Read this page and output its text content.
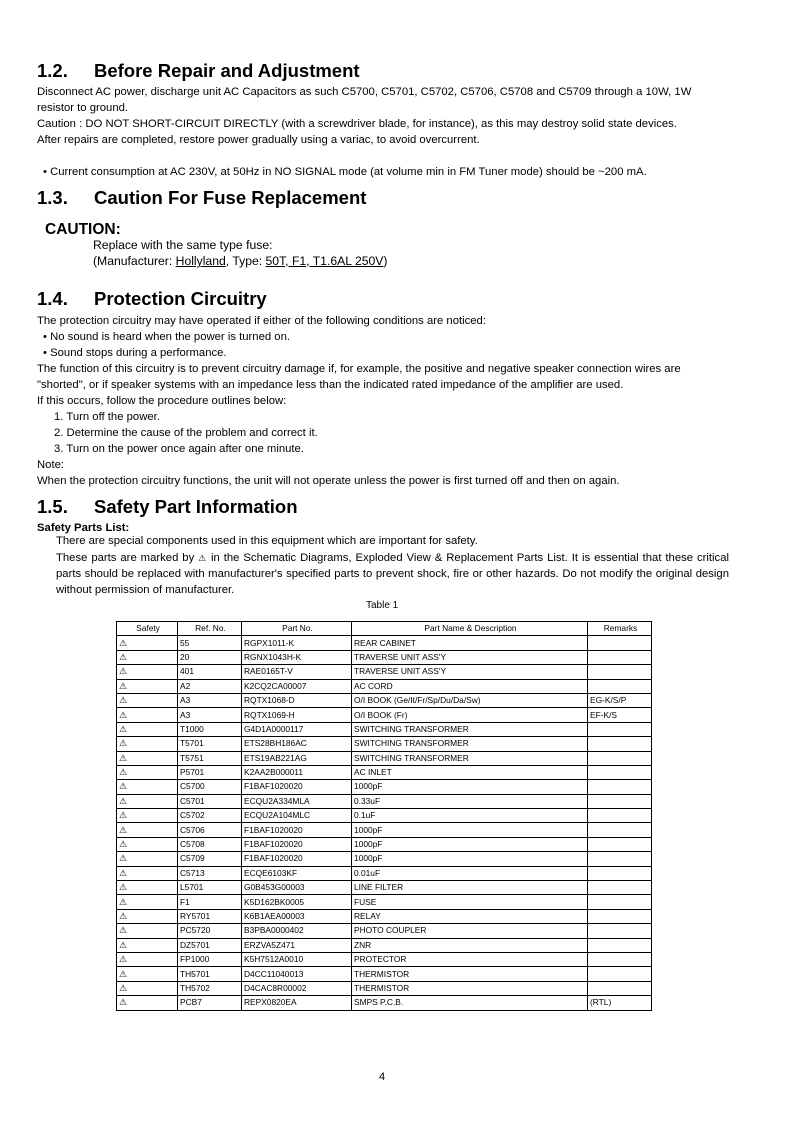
1.2. Before Repair and Adjustment
Disconnect AC power, discharge unit AC Capacitors as such C5700, C5701, C5702, C5706, C5708 and C5709 through a 10W, 1W
resistor to ground.
Caution : DO NOT SHORT-CIRCUIT DIRECTLY (with a screwdriver blade, for instance), as this may destroy solid state devices.
After repairs are completed, restore power gradually using a variac, to avoid overcurrent.
• Current consumption at AC 230V, at 50Hz in NO SIGNAL mode (at volume min in FM Tuner mode) should be ~200 mA.
1.3. Caution For Fuse Replacement
CAUTION:
Replace with the same type fuse:
(Manufacturer: Hollyland, Type: 50T, F1, T1.6AL 250V)
1.4. Protection Circuitry
The protection circuitry may have operated if either of the following conditions are noticed:
• No sound is heard when the power is turned on.
• Sound stops during a performance.
The function of this circuitry is to prevent circuitry damage if, for example, the positive and negative speaker connection wires are
"shorted", or if speaker systems with an impedance less than the indicated rated impedance of the amplifier are used.
If this occurs, follow the procedure outlines below:
1. Turn off the power.
2. Determine the cause of the problem and correct it.
3. Turn on the power once again after one minute.
Note:
When the protection circuitry functions, the unit will not operate unless the power is first turned off and then on again.
1.5. Safety Part Information
Safety Parts List:
There are special components used in this equipment which are important for safety.
These parts are marked by ⚠ in the Schematic Diagrams, Exploded View & Replacement Parts List. It is essential that these critical parts should be replaced with manufacturer's specified parts to prevent shock, fire or other hazards. Do not modify the original design without permission of manufacturer.
Table 1
Safety	Ref. No.	Part No.	Part Name & Description	Remarks
⚠	55	RGPX1011-K	REAR CABINET	
⚠	20	RGNX1043H-K	TRAVERSE UNIT ASS'Y	
⚠	401	RAE0165T-V	TRAVERSE UNIT ASS'Y	
⚠	A2	K2CQ2CA00007	AC CORD	
⚠	A3	RQTX1068-D	O/I BOOK (Ge/It/Fr/Sp/Du/Da/Sw)	EG-K/S/P
⚠	A3	RQTX1069-H	O/I BOOK (Fr)	EF-K/S
⚠	T1000	G4D1A0000117	SWITCHING TRANSFORMER	
⚠	T5701	ETS28BH186AC	SWITCHING TRANSFORMER	
⚠	T5751	ETS19AB221AG	SWITCHING TRANSFORMER	
⚠	P5701	K2AA2B000011	AC INLET	
⚠	C5700	F1BAF1020020	1000pF	
⚠	C5701	ECQU2A334MLA	0.33uF	
⚠	C5702	ECQU2A104MLC	0.1uF	
⚠	C5706	F1BAF1020020	1000pF	
⚠	C5708	F1BAF1020020	1000pF	
⚠	C5709	F1BAF1020020	1000pF	
⚠	C5713	ECQE6103KF	0.01uF	
⚠	L5701	G0B453G00003	LINE FILTER	
⚠	F1	K5D162BK0005	FUSE	
⚠	RY5701	K6B1AEA00003	RELAY	
⚠	PC5720	B3PBA0000402	PHOTO COUPLER	
⚠	DZ5701	ERZVA5Z471	ZNR	
⚠	FP1000	K5H7512A0010	PROTECTOR	
⚠	TH5701	D4CC11040013	THERMISTOR	
⚠	TH5702	D4CAC8R00002	THERMISTOR	
⚠	PCB7	REPX0820EA	SMPS P.C.B.	(RTL)
4
